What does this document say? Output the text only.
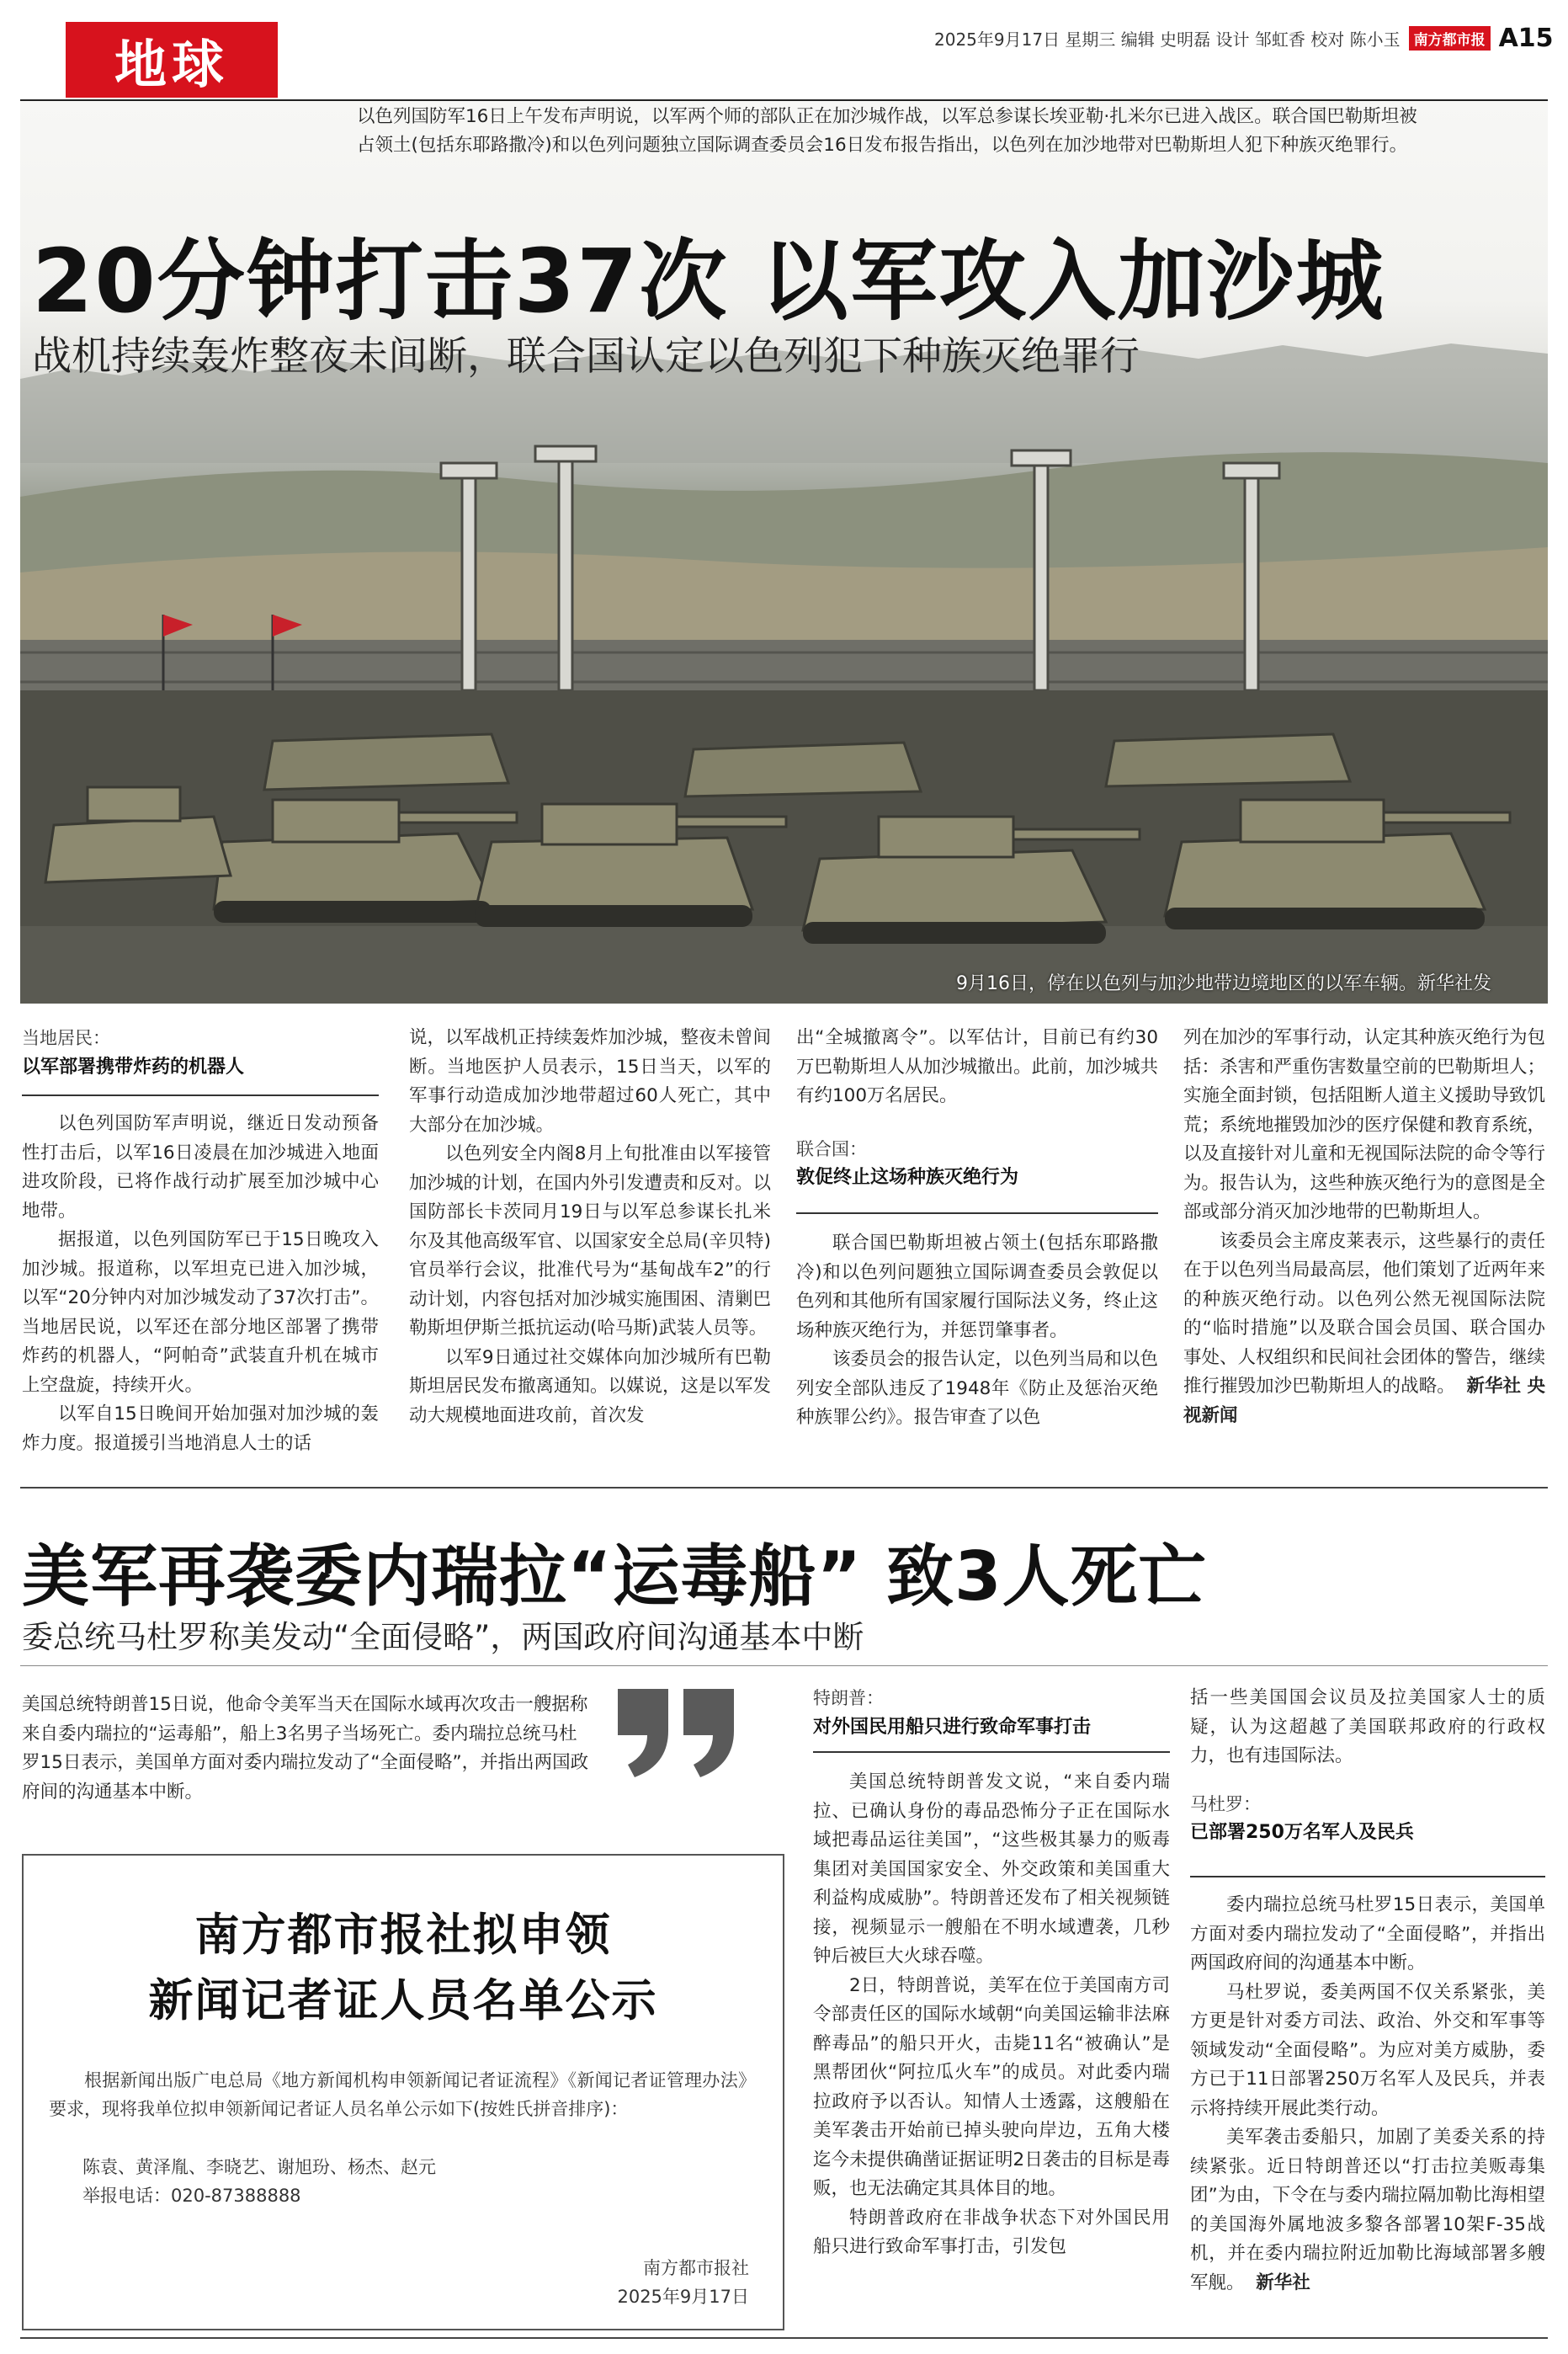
地球	2025年9月17日 星期三 编辑 史明磊 设计 邹虹香 校对 陈小玉 南方都市报 A15
以色列国防军16日上午发布声明说，以军两个师的部队正在加沙城作战，以军总参谋长埃亚勒·扎米尔已进入战区。联合国巴勒斯坦被占领土(包括东耶路撒冷)和以色列问题独立国际调查委员会16日发布报告指出，以色列在加沙地带对巴勒斯坦人犯下种族灭绝罪行。
20分钟打击37次 以军攻入加沙城
战机持续轰炸整夜未间断，联合国认定以色列犯下种族灭绝罪行
9月16日，停在以色列与加沙地带边境地区的以军车辆。新华社发
当地居民：
以军部署携带炸药的机器人

以色列国防军声明说，继近日发动预备性打击后，以军16日凌晨在加沙城进入地面进攻阶段，已将作战行动扩展至加沙城中心地带。

据报道，以色列国防军已于15日晚攻入加沙城。报道称，以军坦克已进入加沙城，以军“20分钟内对加沙城发动了37次打击”。当地居民说，以军还在部分地区部署了携带炸药的机器人，“阿帕奇”武装直升机在城市上空盘旋，持续开火。

以军自15日晚间开始加强对加沙城的轰炸力度。报道援引当地消息人士的话

说，以军战机正持续轰炸加沙城，整夜未曾间断。当地医护人员表示，15日当天，以军的军事行动造成加沙地带超过60人死亡，其中大部分在加沙城。

以色列安全内阁8月上旬批准由以军接管加沙城的计划，在国内外引发遭责和反对。以国防部长卡茨同月19日与以军总参谋长扎米尔及其他高级军官、以国家安全总局(辛贝特)官员举行会议，批准代号为“基甸战车2”的行动计划，内容包括对加沙城实施围困、清剿巴勒斯坦伊斯兰抵抗运动(哈马斯)武装人员等。

以军9日通过社交媒体向加沙城所有巴勒斯坦居民发布撤离通知。以媒说，这是以军发动大规模地面进攻前，首次发

出“全城撤离令”。以军估计，目前已有约30万巴勒斯坦人从加沙城撤出。此前，加沙城共有约100万名居民。
联合国：
敦促终止这场种族灭绝行为

联合国巴勒斯坦被占领土(包括东耶路撒冷)和以色列问题独立国际调查委员会敦促以色列和其他所有国家履行国际法义务，终止这场种族灭绝行为，并惩罚肇事者。

该委员会的报告认定，以色列当局和以色列安全部队违反了1948年《防止及惩治灭绝种族罪公约》。报告审查了以色

列在加沙的军事行动，认定其种族灭绝行为包括：杀害和严重伤害数量空前的巴勒斯坦人；实施全面封锁，包括阻断人道主义援助导致饥荒；系统地摧毁加沙的医疗保健和教育系统，以及直接针对儿童和无视国际法院的命令等行为。报告认为，这些种族灭绝行为的意图是全部或部分消灭加沙地带的巴勒斯坦人。

该委员会主席皮莱表示，这些暴行的责任在于以色列当局最高层，他们策划了近两年来的种族灭绝行动。以色列公然无视国际法院的“临时措施”以及联合国会员国、联合国办事处、人权组织和民间社会团体的警告，继续推行摧毁加沙巴勒斯坦人的战略。 新华社 央视新闻

美军再袭委内瑞拉“运毒船” 致3人死亡
委总统马杜罗称美发动“全面侵略”，两国政府间沟通基本中断
美国总统特朗普15日说，他命令美军当天在国际水域再次攻击一艘据称来自委内瑞拉的“运毒船”，船上3名男子当场死亡。委内瑞拉总统马杜罗15日表示，美国单方面对委内瑞拉发动了“全面侵略”，并指出两国政府间的沟通基本中断。
南方都市报社拟申领
新闻记者证人员名单公示

根据新闻出版广电总局《地方新闻机构申领新闻记者证流程》《新闻记者证管理办法》要求，现将我单位拟申领新闻记者证人员名单公示如下(按姓氏拼音排序)：

陈袁、黄泽胤、李晓艺、谢旭玢、杨杰、赵元
举报电话：020-87388888
南方都市报社
2025年9月17日
特朗普：
对外国民用船只进行致命军事打击

美国总统特朗普发文说，“来自委内瑞拉、已确认身份的毒品恐怖分子正在国际水域把毒品运往美国”，“这些极其暴力的贩毒集团对美国国家安全、外交政策和美国重大利益构成威胁”。特朗普还发布了相关视频链接，视频显示一艘船在不明水域遭袭，几秒钟后被巨大火球吞噬。

2日，特朗普说，美军在位于美国南方司令部责任区的国际水域朝“向美国运输非法麻醉毒品”的船只开火，击毙11名“被确认”是黑帮团伙“阿拉瓜火车”的成员。对此委内瑞拉政府予以否认。知情人士透露，这艘船在美军袭击开始前已掉头驶向岸边，五角大楼迄今未提供确凿证据证明2日袭击的目标是毒贩，也无法确定其具体目的地。

特朗普政府在非战争状态下对外国民用船只进行致命军事打击，引发包

括一些美国国会议员及拉美国家人士的质疑，认为这超越了美国联邦政府的行政权力，也有违国际法。
马杜罗：
已部署250万名军人及民兵

委内瑞拉总统马杜罗15日表示，美国单方面对委内瑞拉发动了“全面侵略”，并指出两国政府间的沟通基本中断。

马杜罗说，委美两国不仅关系紧张，美方更是针对委方司法、政治、外交和军事等领域发动“全面侵略”。为应对美方威胁，委方已于11日部署250万名军人及民兵，并表示将持续开展此类行动。

美军袭击委船只，加剧了美委关系的持续紧张。近日特朗普还以“打击拉美贩毒集团”为由，下令在与委内瑞拉隔加勒比海相望的美国海外属地波多黎各部署10架F-35战机，并在委内瑞拉附近加勒比海域部署多艘军舰。 新华社
